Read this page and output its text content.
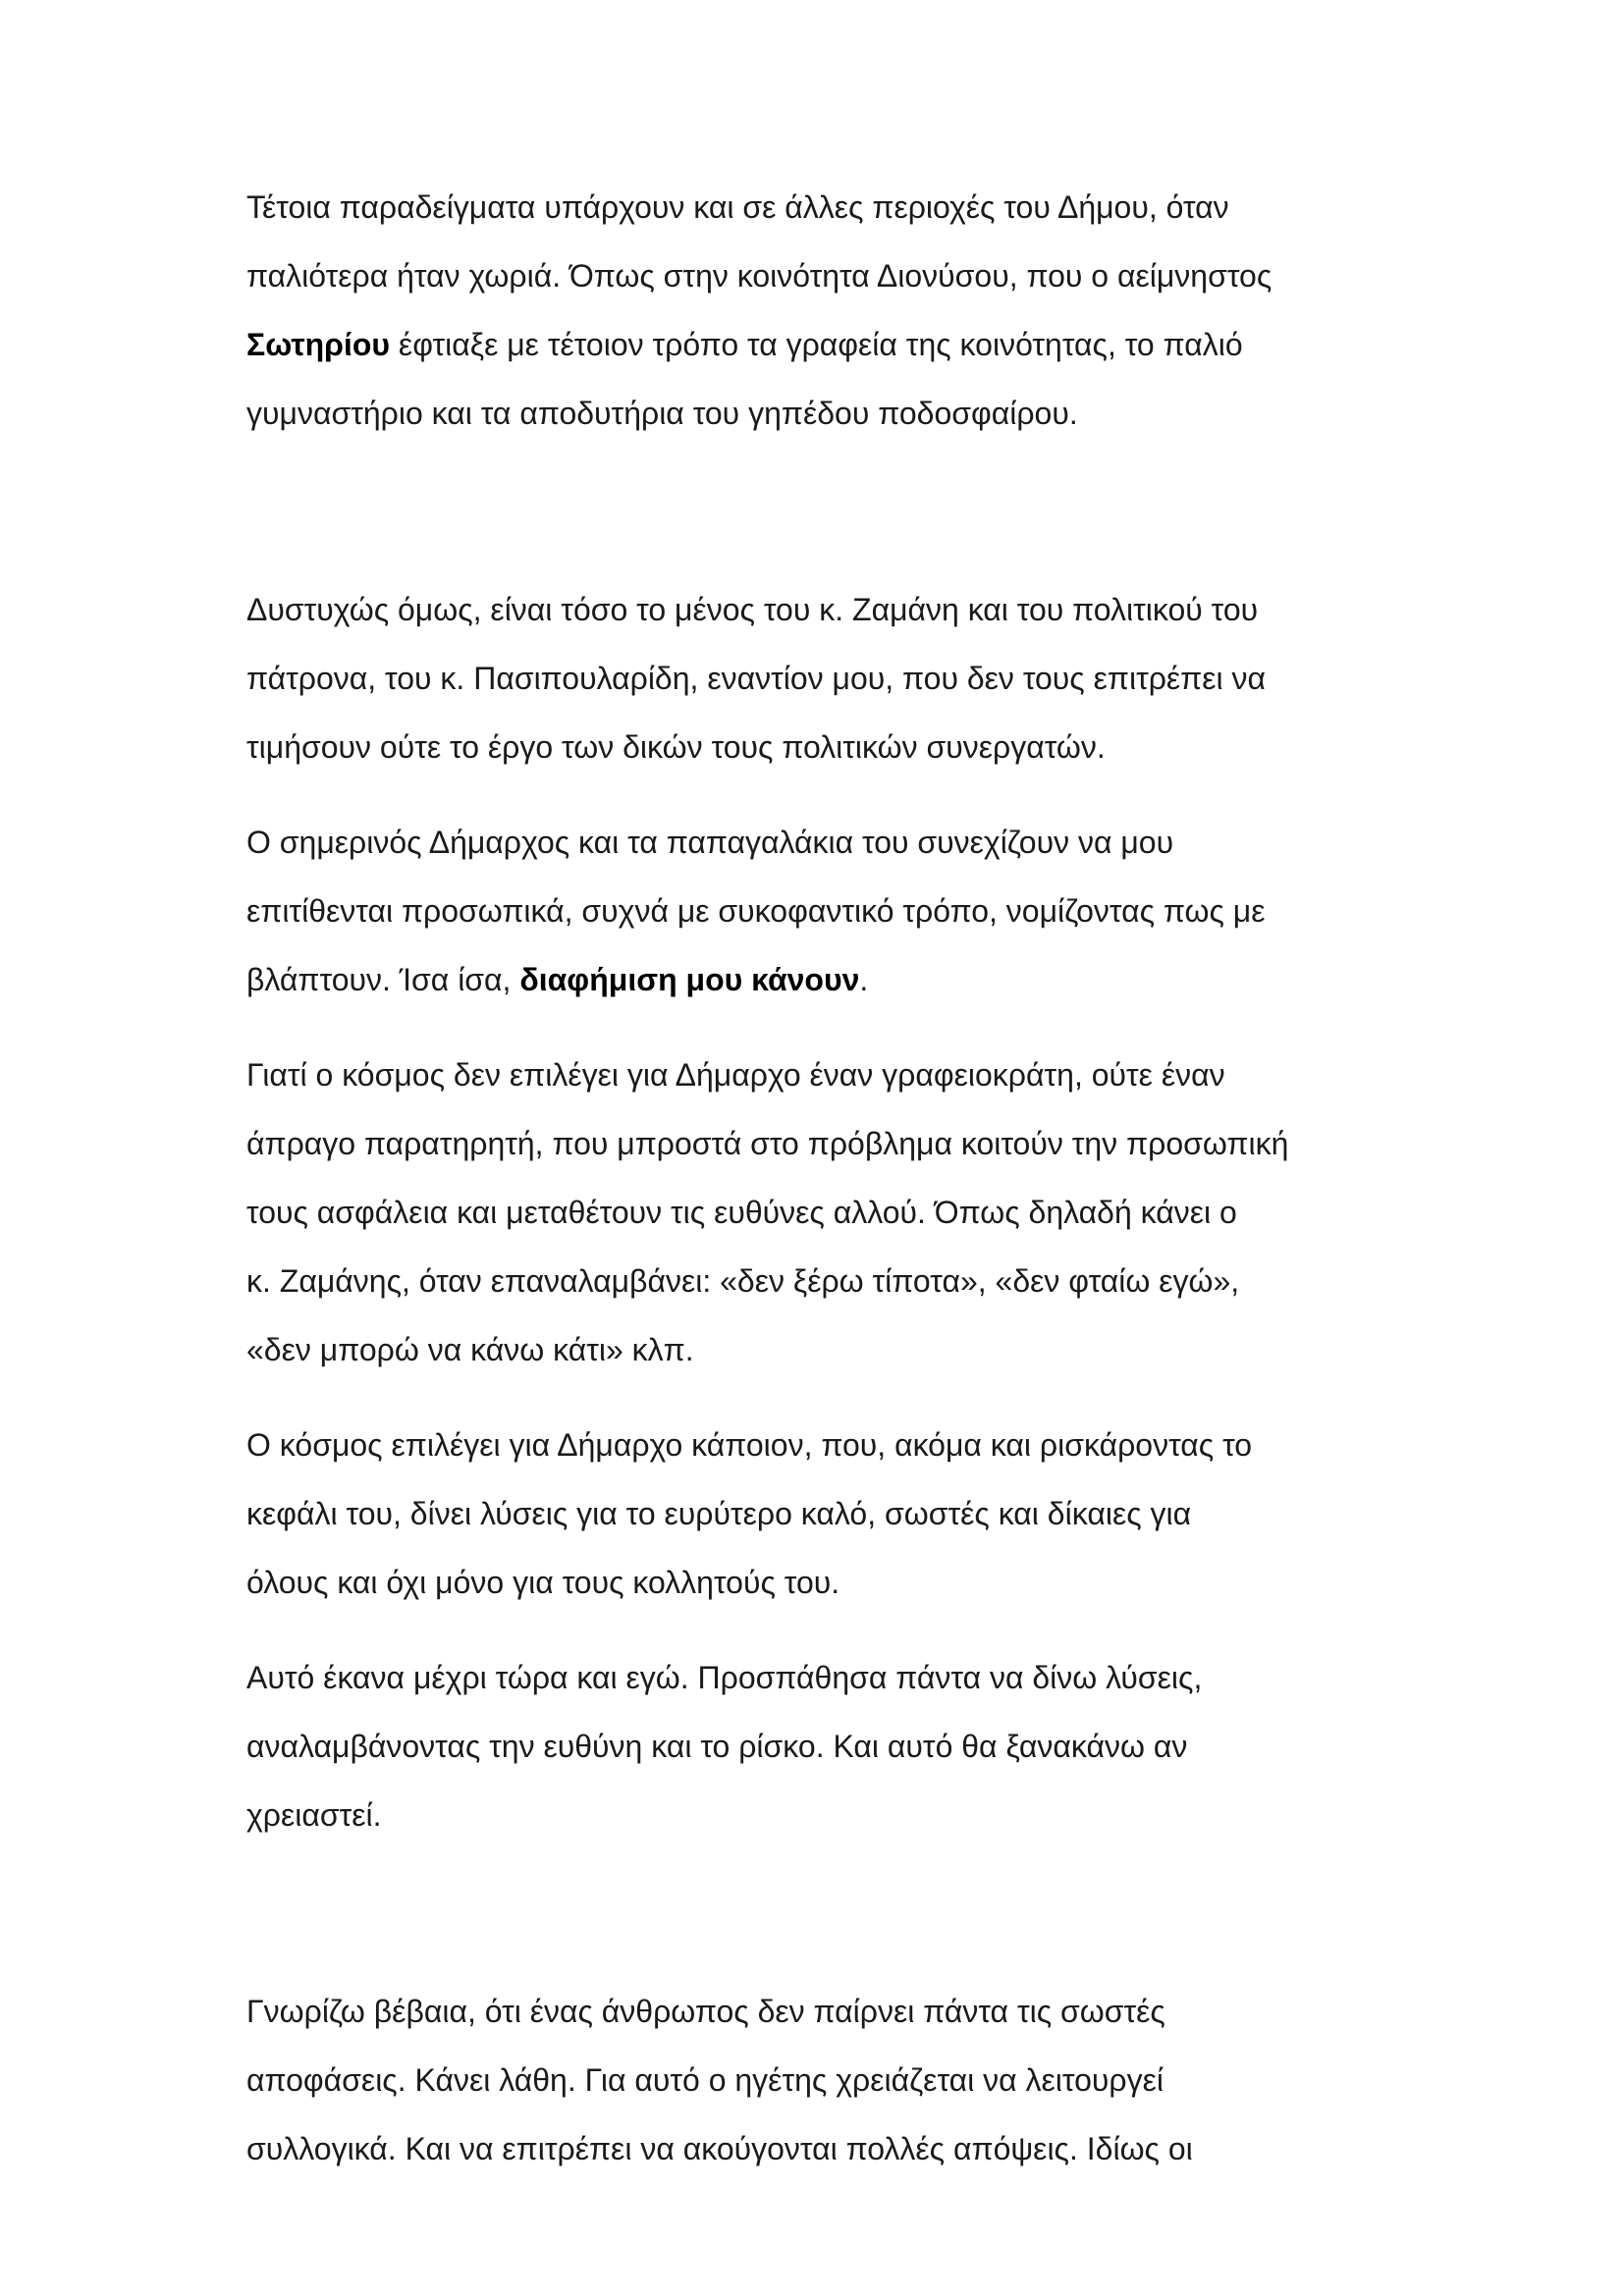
Τέτοια παραδείγματα υπάρχουν και σε άλλες περιοχές του Δήμου, όταν
παλιότερα ήταν χωριά. Όπως στην κοινότητα Διονύσου, που ο αείμνηστος
Σωτηρίου έφτιαξε με τέτοιον τρόπο τα γραφεία της κοινότητας, το παλιό
γυμναστήριο και τα αποδυτήρια του γηπέδου ποδοσφαίρου.

Δυστυχώς όμως, είναι τόσο το μένος του κ. Ζαμάνη και του πολιτικού του
πάτρονα, του κ. Πασιπουλαρίδη, εναντίον μου, που δεν τους επιτρέπει να
τιμήσουν ούτε το έργο των δικών τους πολιτικών συνεργατών.

Ο σημερινός Δήμαρχος και τα παπαγαλάκια του συνεχίζουν να μου
επιτίθενται προσωπικά, συχνά με συκοφαντικό τρόπο, νομίζοντας πως με
βλάπτουν. Ίσα ίσα, διαφήμιση μου κάνουν.

Γιατί ο κόσμος δεν επιλέγει για Δήμαρχο έναν γραφειοκράτη, ούτε έναν
άπραγο παρατηρητή, που μπροστά στο πρόβλημα κοιτούν την προσωπική
τους ασφάλεια και μεταθέτουν τις ευθύνες αλλού. Όπως δηλαδή κάνει ο
κ. Ζαμάνης, όταν επαναλαμβάνει: «δεν ξέρω τίποτα», «δεν φταίω εγώ»,
«δεν μπορώ να κάνω κάτι» κλπ.

Ο κόσμος επιλέγει για Δήμαρχο κάποιον, που, ακόμα και ρισκάροντας το
κεφάλι του, δίνει λύσεις για το ευρύτερο καλό, σωστές και δίκαιες για
όλους και όχι μόνο για τους κολλητούς του.

Αυτό έκανα μέχρι τώρα και εγώ. Προσπάθησα πάντα να δίνω λύσεις,
αναλαμβάνοντας την ευθύνη και το ρίσκο. Και αυτό θα ξανακάνω αν
χρειαστεί.

Γνωρίζω βέβαια, ότι ένας άνθρωπος δεν παίρνει πάντα τις σωστές
αποφάσεις. Κάνει λάθη. Για αυτό ο ηγέτης χρειάζεται να λειτουργεί
συλλογικά. Και να επιτρέπει να ακούγονται πολλές απόψεις. Ιδίως οι
